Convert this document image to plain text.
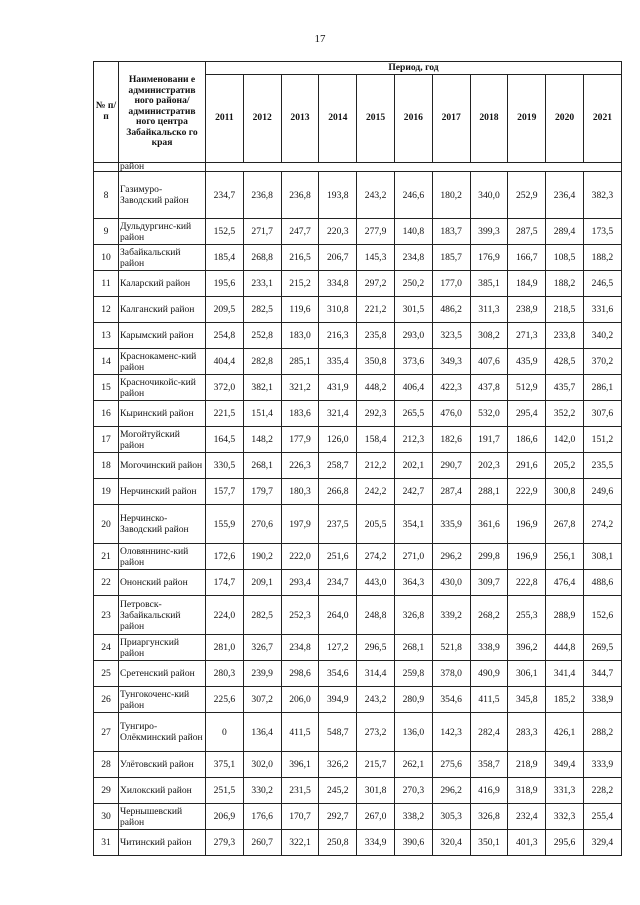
17
№ п/п	Наименовани е административ ного района/ административ ного центра Забайкальско го края	Период, год										
		2011	2012	2013	2014	2015	2016	2017	2018	2019	2020	2021
	район											
8	Газимуро-Заводский район	234,7	236,8	236,8	193,8	243,2	246,6	180,2	340,0	252,9	236,4	382,3
9	Дульдургинс-кий район	152,5	271,7	247,7	220,3	277,9	140,8	183,7	399,3	287,5	289,4	173,5
10	Забайкальский район	185,4	268,8	216,5	206,7	145,3	234,8	185,7	176,9	166,7	108,5	188,2
11	Каларский район	195,6	233,1	215,2	334,8	297,2	250,2	177,0	385,1	184,9	188,2	246,5
12	Калганский район	209,5	282,5	119,6	310,8	221,2	301,5	486,2	311,3	238,9	218,5	331,6
13	Карымский район	254,8	252,8	183,0	216,3	235,8	293,0	323,5	308,2	271,3	233,8	340,2
14	Краснокаменс-кий район	404,4	282,8	285,1	335,4	350,8	373,6	349,3	407,6	435,9	428,5	370,2
15	Красночикойс-кий район	372,0	382,1	321,2	431,9	448,2	406,4	422,3	437,8	512,9	435,7	286,1
16	Кыринский район	221,5	151,4	183,6	321,4	292,3	265,5	476,0	532,0	295,4	352,2	307,6
17	Могойтуйский район	164,5	148,2	177,9	126,0	158,4	212,3	182,6	191,7	186,6	142,0	151,2
18	Могочинский район	330,5	268,1	226,3	258,7	212,2	202,1	290,7	202,3	291,6	205,2	235,5
19	Нерчинский район	157,7	179,7	180,3	266,8	242,2	242,7	287,4	288,1	222,9	300,8	249,6
20	Нерчинско-Заводский район	155,9	270,6	197,9	237,5	205,5	354,1	335,9	361,6	196,9	267,8	274,2
21	Оловяннинс-кий район	172,6	190,2	222,0	251,6	274,2	271,0	296,2	299,8	196,9	256,1	308,1
22	Ононский район	174,7	209,1	293,4	234,7	443,0	364,3	430,0	309,7	222,8	476,4	488,6
23	Петровск-Забайкальский район	224,0	282,5	252,3	264,0	248,8	326,8	339,2	268,2	255,3	288,9	152,6
24	Приаргунский район	281,0	326,7	234,8	127,2	296,5	268,1	521,8	338,9	396,2	444,8	269,5
25	Сретенский район	280,3	239,9	298,6	354,6	314,4	259,8	378,0	490,9	306,1	341,4	344,7
26	Тунгокоченс-кий район	225,6	307,2	206,0	394,9	243,2	280,9	354,6	411,5	345,8	185,2	338,9
27	Тунгиро-Олёкминский район	0	136,4	411,5	548,7	273,2	136,0	142,3	282,4	283,3	426,1	288,2
28	Улётовский район	375,1	302,0	396,1	326,2	215,7	262,1	275,6	358,7	218,9	349,4	333,9
29	Хилокский район	251,5	330,2	231,5	245,2	301,8	270,3	296,2	416,9	318,9	331,3	228,2
30	Чернышевский район	206,9	176,6	170,7	292,7	267,0	338,2	305,3	326,8	232,4	332,3	255,4
31	Читинский район	279,3	260,7	322,1	250,8	334,9	390,6	320,4	350,1	401,3	295,6	329,4
